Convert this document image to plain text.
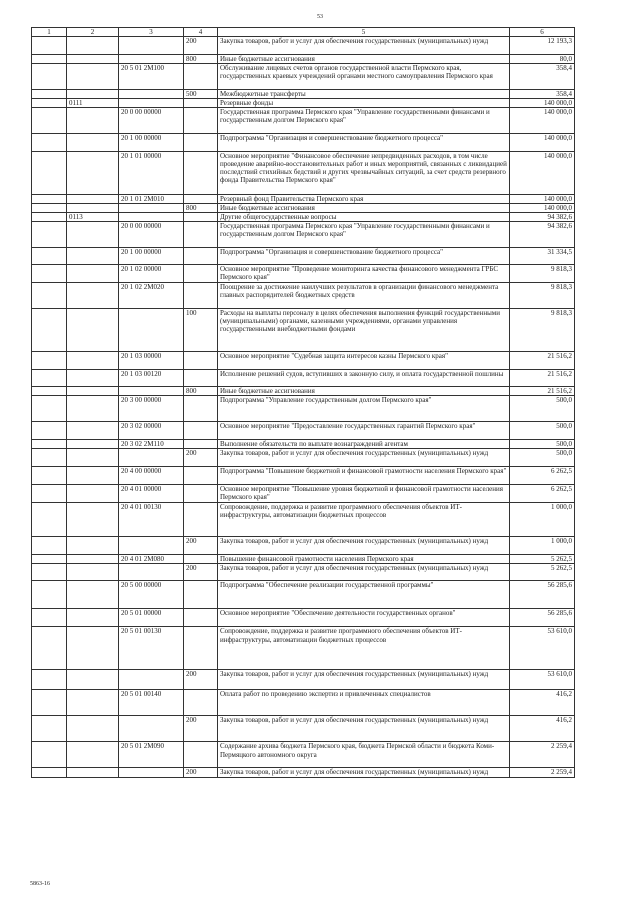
53
1	2	3	4	5	6
			200	Закупка товаров, работ и услуг для обеспечения государственных (муниципальных) нужд	12 193,3
			800	Иные бюджетные ассигнования	80,0
		20 5 01 2М100		Обслуживание лицевых счетов органов государственной власти Пермского края, государственных краевых учреждений органами местного самоуправления Пермского края	358,4
			500	Межбюджетные трансферты	358,4
	0111			Резервные фонды	140 000,0
		20 0 00 00000		Государственная программа Пермского края "Управление государственными финансами и государственным долгом Пермского края"	140 000,0
		20 1 00 00000		Подпрограмма "Организация и совершенствование бюджетного процесса"	140 000,0
		20 1 01 00000		Основное мероприятие "Финансовое обеспечение непредвиденных расходов, в том числе проведение аварийно-восстановительных работ и иных мероприятий, связанных с ликвидацией последствий стихийных бедствий и других чрезвычайных ситуаций, за счет средств резервного фонда Правительства Пермского края"	140 000,0
		20 1 01 2М010		Резервный фонд Правительства Пермского края	140 000,0
			800	Иные бюджетные ассигнования	140 000,0
	0113			Другие общегосударственные вопросы	94 382,6
		20 0 00 00000		Государственная программа Пермского края "Управление государственными финансами и государственным долгом Пермского края"	94 382,6
		20 1 00 00000		Подпрограмма "Организация и совершенствование бюджетного процесса"	31 334,5
		20 1 02 00000		Основное мероприятие "Проведение мониторинга качества финансового менеджмента ГРБС Пермского края"	9 818,3
		20 1 02 2М020		Поощрение за достижение наилучших результатов в организации финансового менеджмента главных распорядителей бюджетных средств	9 818,3
			100	Расходы на выплаты персоналу в целях обеспечения выполнения функций государственными (муниципальными) органами, казенными учреждениями, органами управления государственными внебюджетными фондами	9 818,3
		20 1 03 00000		Основное мероприятие "Судебная защита интересов казны Пермского края"	21 516,2
		20 1 03 00120		Исполнение решений судов, вступивших в законную силу, и оплата государственной пошлины	21 516,2
			800	Иные бюджетные ассигнования	21 516,2
		20 3 00 00000		Подпрограмма "Управление государственным долгом Пермского края"	500,0
		20 3 02 00000		Основное мероприятие "Предоставление государственных гарантий Пермского края"	500,0
		20 3 02 2М110		Выполнение обязательств по выплате вознаграждений агентам	500,0
			200	Закупка товаров, работ и услуг для обеспечения государственных (муниципальных) нужд	500,0
		20 4 00 00000		Подпрограмма "Повышение бюджетной и финансовой грамотности населения Пермского края"	6 262,5
		20 4 01 00000		Основное мероприятие "Повышение уровня бюджетной и финансовой грамотности населения Пермского края"	6 262,5
		20 4 01 00130		Сопровождение, поддержка и развитие программного обеспечения объектов ИТ-инфраструктуры, автоматизации бюджетных процессов	1 000,0
			200	Закупка товаров, работ и услуг для обеспечения государственных (муниципальных) нужд	1 000,0
		20 4 01 2М080		Повышение финансовой грамотности населения Пермского края	5 262,5
			200	Закупка товаров, работ и услуг для обеспечения государственных (муниципальных) нужд	5 262,5
		20 5 00 00000		Подпрограмма "Обеспечение реализации государственной программы"	56 285,6
		20 5 01 00000		Основное мероприятие "Обеспечение деятельности государственных органов"	56 285,6
		20 5 01 00130		Сопровождение, поддержка и развитие программного обеспечения объектов ИТ-инфраструктуры, автоматизации бюджетных процессов	53 610,0
			200	Закупка товаров, работ и услуг для обеспечения государственных (муниципальных) нужд	53 610,0
		20 5 01 00140		Оплата работ по проведению экспертиз и привлеченных специалистов	416,2
			200	Закупка товаров, работ и услуг для обеспечения государственных (муниципальных) нужд	416,2
		20 5 01 2М090		Содержание архива бюджета Пермского края, бюджета Пермской области и бюджета Коми-Пермяцкого автономного округа	2 259,4
			200	Закупка товаров, работ и услуг для обеспечения государственных (муниципальных) нужд	2 259,4
5863-16
